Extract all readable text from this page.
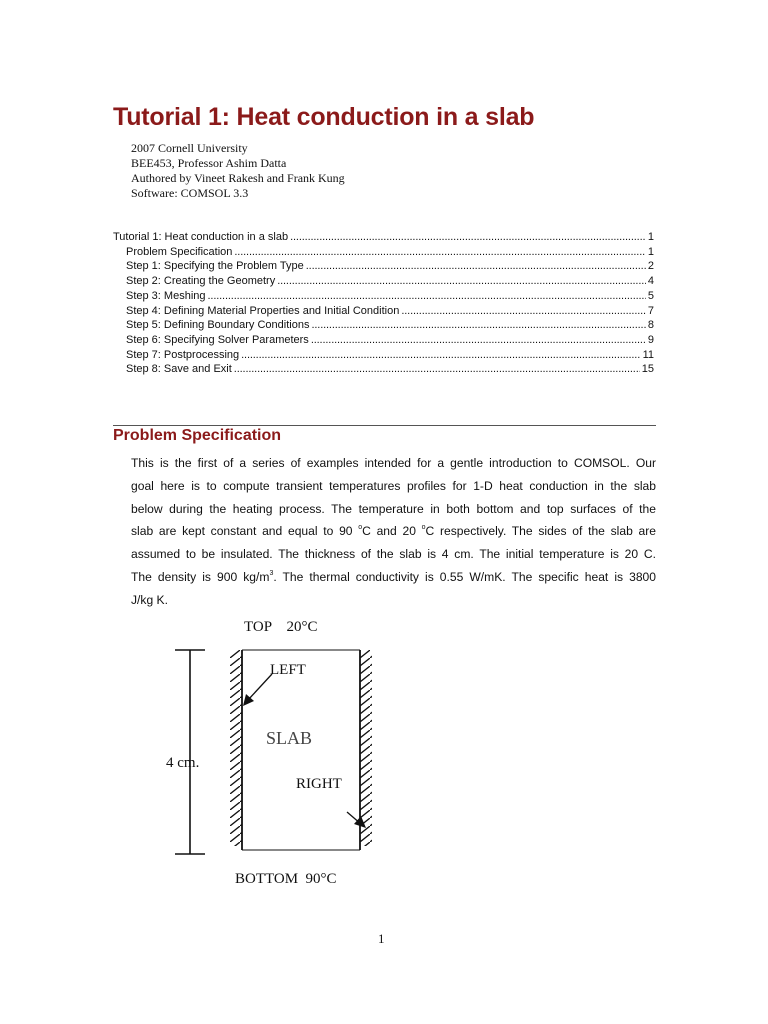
Tutorial 1: Heat conduction in a slab
2007 Cornell University
BEE453, Professor Ashim Datta
Authored by Vineet Rakesh and Frank Kung
Software: COMSOL 3.3
Tutorial 1: Heat conduction in a slab . . .	1
Problem Specification . . .	1
Step 1: Specifying the Problem Type . . .	2
Step 2: Creating the Geometry . . .	4
Step 3: Meshing . . .	5
Step 4: Defining Material Properties and Initial Condition . . .	7
Step 5: Defining Boundary Conditions . . .	8
Step 6: Specifying Solver Parameters . . .	9
Step 7: Postprocessing . . .	11
Step 8: Save and Exit . . .	15
Problem Specification
This is the first of a series of examples intended for a gentle introduction to COMSOL. Our
goal here is to compute transient temperatures profiles for 1-D heat conduction in the slab
below during the heating process. The temperature in both bottom and top surfaces of the
slab are kept constant and equal to 90 $^o$C and 20 $^o$C respectively. The sides of the slab are
assumed to be insulated. The thickness of the slab is 4 cm. The initial temperature is 20 C.
The density is 900 $kg/m^3$. The thermal conductivity is 0.55 W/mK. The specific heat is 3800
J/kg K.
TOP    20°C
LEFT
SLAB
4 cm.
RIGHT
BOTTOM  90°C
1
